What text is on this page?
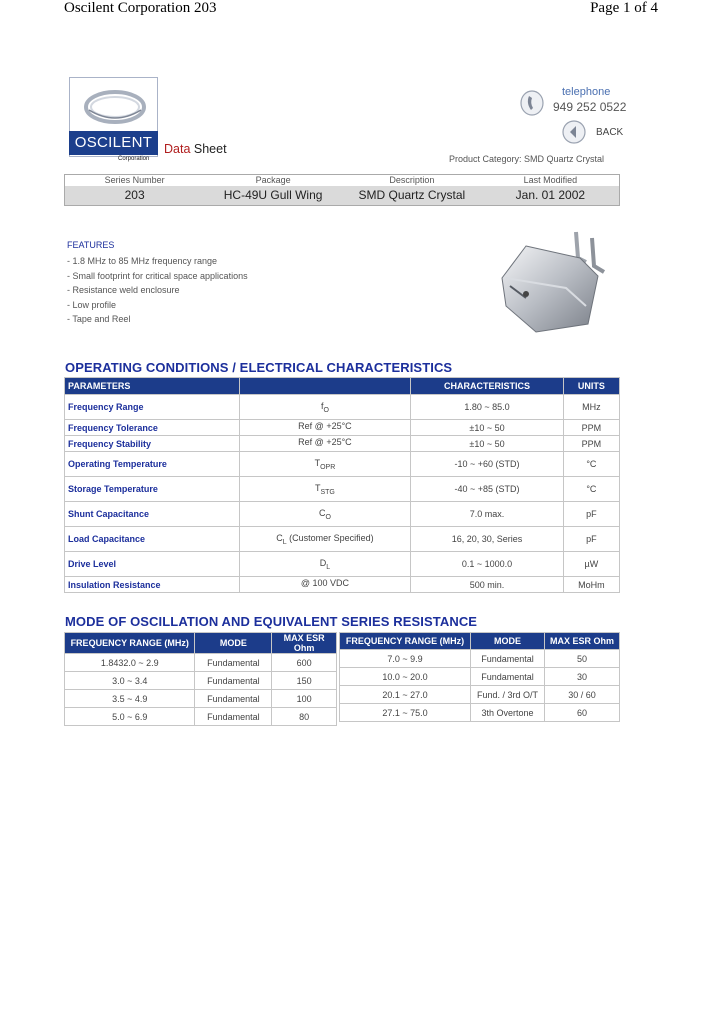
Oscilent Corporation 203	Page 1 of 4
OSCILENT
Corporation
Data Sheet
telephone
949 252 0522
BACK
Product Category: SMD Quartz Crystal
Series Number	Package	Description	Last Modified
203	HC-49U Gull Wing	SMD Quartz Crystal	Jan. 01 2002
FEATURES
- 1.8 MHz to 85 MHz frequency range
- Small footprint for critical space applications
- Resistance weld enclosure
- Low profile
- Tape and Reel
OPERATING CONDITIONS / ELECTRICAL CHARACTERISTICS
PARAMETERS		CHARACTERISTICS	UNITS
Frequency Range	$f_O$	1.80 ~ 85.0	MHz
Frequency Tolerance	Ref @ +25°C	±10 ~ 50	PPM
Frequency Stability	Ref @ +25°C	±10 ~ 50	PPM
Operating Temperature	$T_{OPR}$	-10 ~ +60 (STD)	°C
Storage Temperature	$T_{STG}$	-40 ~ +85 (STD)	°C
Shunt Capacitance	$C_O$	7.0 max.	pF
Load Capacitance	$C_L$ (Customer Specified)	16, 20, 30, Series	pF
Drive Level	$D_L$	0.1 ~ 1000.0	µW
Insulation Resistance	@ 100 VDC	500 min.	MoHm
MODE OF OSCILLATION AND EQUIVALENT SERIES RESISTANCE
FREQUENCY RANGE (MHz)	MODE	MAX ESR Ohm
1.8432.0 ~ 2.9	Fundamental	600
3.0 ~ 3.4	Fundamental	150
3.5 ~ 4.9	Fundamental	100
5.0 ~ 6.9	Fundamental	80
FREQUENCY RANGE (MHz)	MODE	MAX ESR Ohm
7.0 ~ 9.9	Fundamental	50
10.0 ~ 20.0	Fundamental	30
20.1 ~ 27.0	Fund. / 3rd O/T	30 / 60
27.1 ~ 75.0	3th Overtone	60
